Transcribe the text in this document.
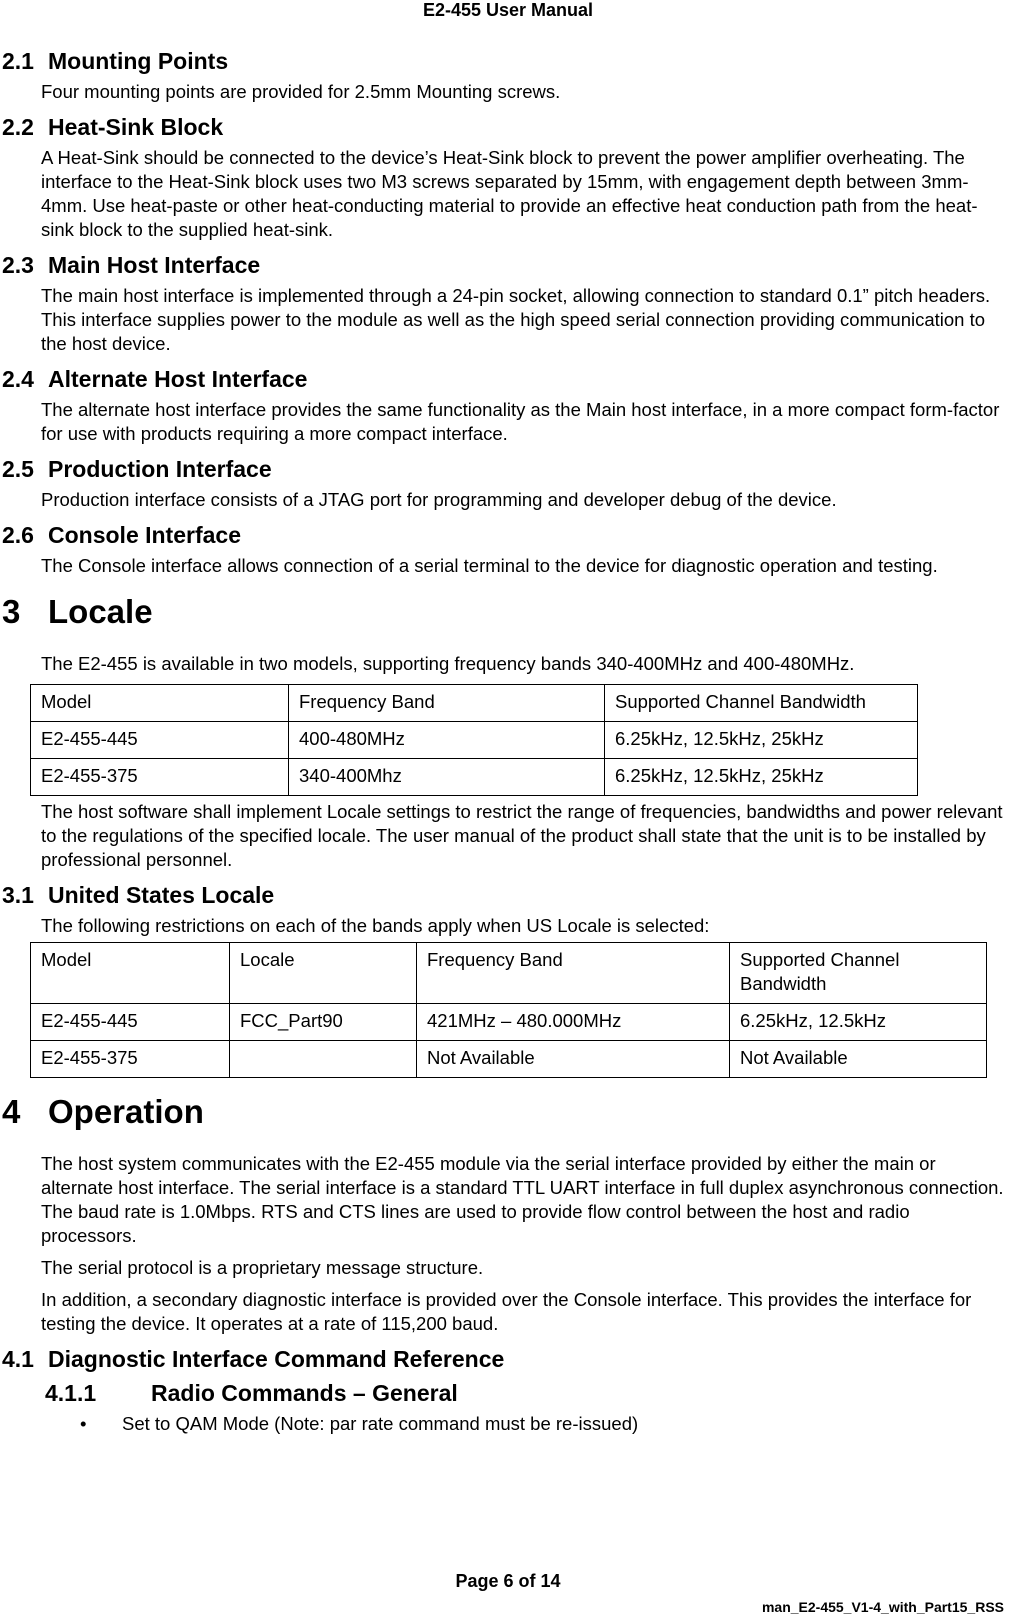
E2-455 User Manual
2.1 Mounting Points

Four mounting points are provided for 2.5mm Mounting screws.

2.2 Heat-Sink Block

A Heat-Sink should be connected to the device’s Heat-Sink block to prevent the power amplifier overheating. The interface to the Heat-Sink block uses two M3 screws separated by 15mm, with engagement depth between 3mm-4mm. Use heat-paste or other heat-conducting material to provide an effective heat conduction path from the heat-sink block to the supplied heat-sink.

2.3 Main Host Interface

The main host interface is implemented through a 24-pin socket, allowing connection to standard 0.1” pitch headers. This interface supplies power to the module as well as the high speed serial connection providing communication to the host device.

2.4 Alternate Host Interface

The alternate host interface provides the same functionality as the Main host interface, in a more compact form-factor for use with products requiring a more compact interface.

2.5 Production Interface

Production interface consists of a JTAG port for programming and developer debug of the device.

2.6 Console Interface

The Console interface allows connection of a serial terminal to the device for diagnostic operation and testing.

3 Locale

The E2-455 is available in two models, supporting frequency bands 340-400MHz and 400-480MHz.

Model	Frequency Band	Supported Channel Bandwidth
E2-455-445	400-480MHz	6.25kHz, 12.5kHz, 25kHz
E2-455-375	340-400Mhz	6.25kHz, 12.5kHz, 25kHz

The host software shall implement Locale settings to restrict the range of frequencies, bandwidths and power relevant to the regulations of the specified locale. The user manual of the product shall state that the unit is to be installed by professional personnel.

3.1 United States Locale

The following restrictions on each of the bands apply when US Locale is selected:

Model	Locale	Frequency Band	Supported Channel Bandwidth
E2-455-445	FCC_Part90	421MHz – 480.000MHz	6.25kHz, 12.5kHz
E2-455-375		Not Available	Not Available
4 Operation

The host system communicates with the E2-455 module via the serial interface provided by either the main or alternate host interface. The serial interface is a standard TTL UART interface in full duplex asynchronous connection. The baud rate is 1.0Mbps. RTS and CTS lines are used to provide flow control between the host and radio processors.

The serial protocol is a proprietary message structure.

In addition, a secondary diagnostic interface is provided over the Console interface. This provides the interface for testing the device. It operates at a rate of 115,200 baud.

4.1 Diagnostic Interface Command Reference
4.1.1 Radio Commands – General
• Set to QAM Mode (Note: par rate command must be re-issued)
Page 6 of 14
man_E2-455_V1-4_with_Part15_RSS
